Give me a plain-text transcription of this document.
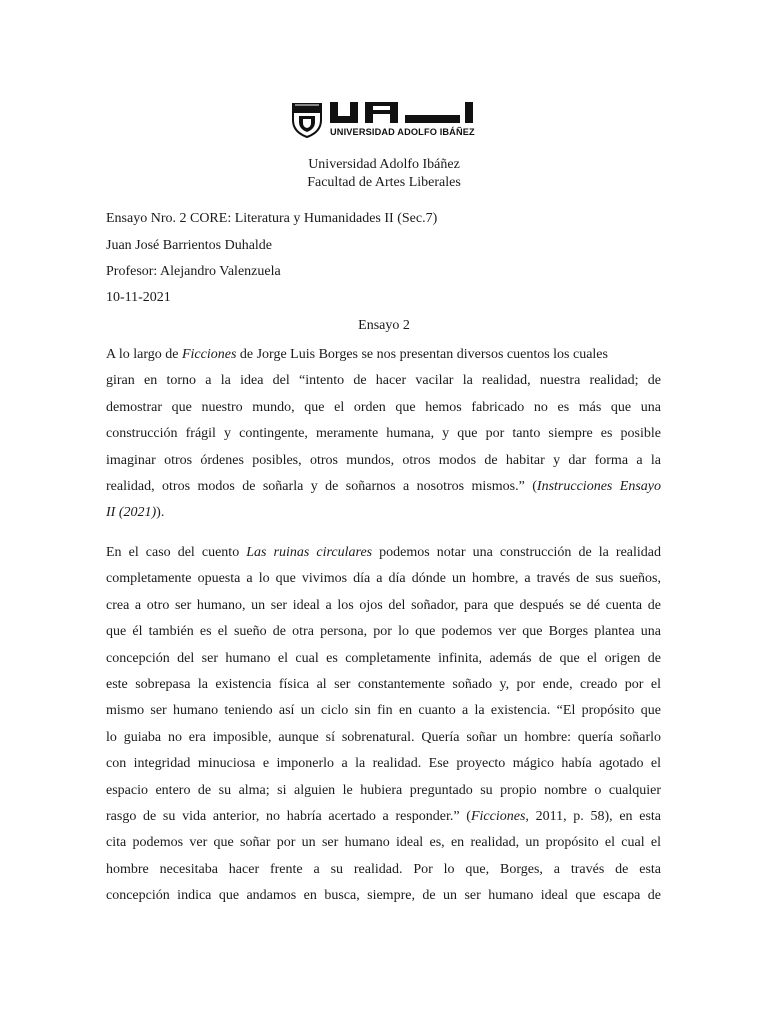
UNIVERSIDAD ADOLFO IBÁÑEZ
Universidad Adolfo Ibáñez
Facultad de Artes Liberales
Ensayo Nro. 2 CORE: Literatura y Humanidades II (Sec.7)
Juan José Barrientos Duhalde
Profesor: Alejandro Valenzuela
10-11-2021
Ensayo 2
A lo largo de Ficciones de Jorge Luis Borges se nos presentan diversos cuentos los cuales
giran en torno a la idea del “intento de hacer vacilar la realidad, nuestra realidad; de
demostrar que nuestro mundo, que el orden que hemos fabricado no es más que una
construcción frágil y contingente, meramente humana, y que por tanto siempre es posible
imaginar otros órdenes posibles, otros mundos, otros modos de habitar y dar forma a la
realidad, otros modos de soñarla y de soñarnos a nosotros mismos.” (Instrucciones Ensayo
II (2021)).
En el caso del cuento Las ruinas circulares podemos notar una construcción de la realidad
completamente opuesta a lo que vivimos día a día dónde un hombre, a través de sus sueños,
crea a otro ser humano, un ser ideal a los ojos del soñador, para que después se dé cuenta de
que él también es el sueño de otra persona, por lo que podemos ver que Borges plantea una
concepción del ser humano el cual es completamente infinita, además de que el origen de
este sobrepasa la existencia física al ser constantemente soñado y, por ende, creado por el
mismo ser humano teniendo así un ciclo sin fin en cuanto a la existencia. “El propósito que
lo guiaba no era imposible, aunque sí sobrenatural. Quería soñar un hombre: quería soñarlo
con integridad minuciosa e imponerlo a la realidad. Ese proyecto mágico había agotado el
espacio entero de su alma; si alguien le hubiera preguntado su propio nombre o cualquier
rasgo de su vida anterior, no habría acertado a responder.” (Ficciones, 2011, p. 58), en esta
cita podemos ver que soñar por un ser humano ideal es, en realidad, un propósito el cual el
hombre necesitaba hacer frente a su realidad. Por lo que, Borges, a través de esta
concepción indica que andamos en busca, siempre, de un ser humano ideal que escapa de
